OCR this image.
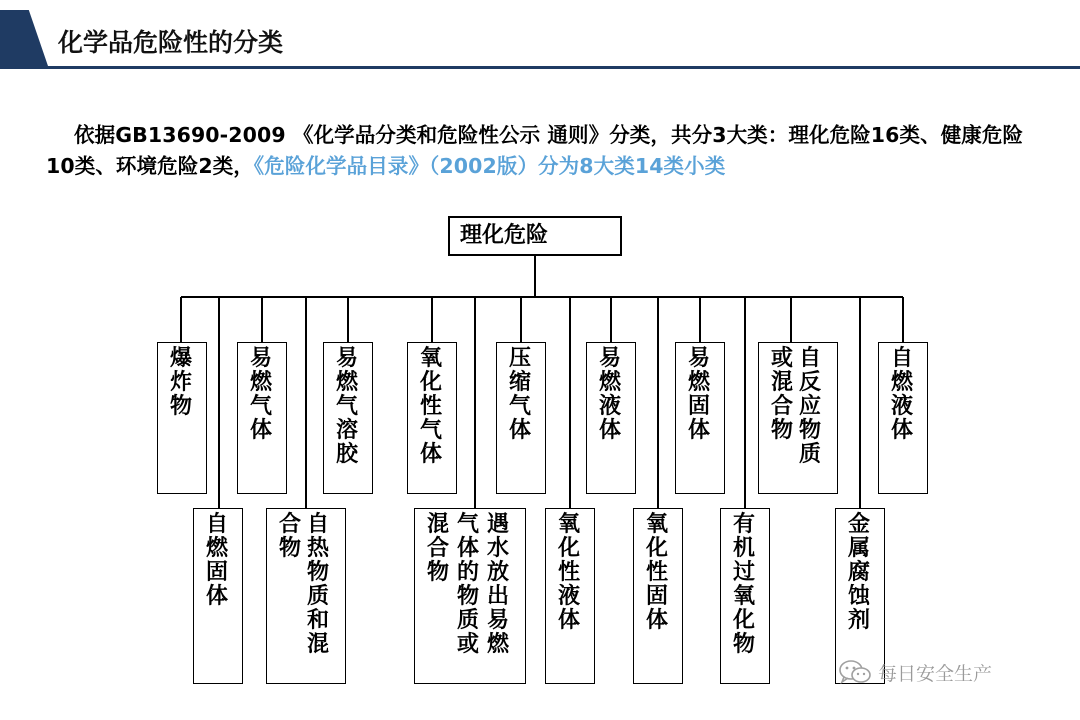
化学品危险性的分类
依据GB13690-2009 《化学品分类和危险性公示 通则》分类，共分3大类：理化危险16类、健康危险10类、环境危险2类，《危险化学品目录》（2002版）分为8大类14类小类
理化危险
爆炸物
易燃气体
易燃气溶胶
氧化性气体
压缩气体
易燃液体
易燃固体
自反应物质
或混合物
自燃液体
自燃固体
自热物质和混
合物
遇水放出易燃
气体的物质或
混合物
氧化性液体
氧化性固体
有机过氧化物
金属腐蚀剂
每日安全生产
